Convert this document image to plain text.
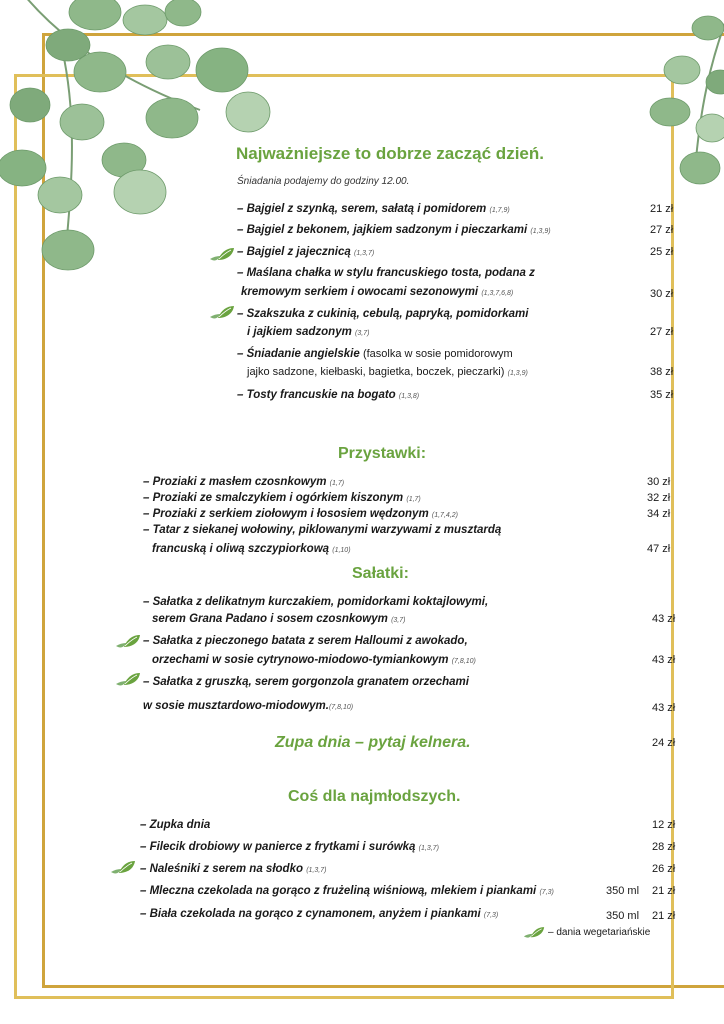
Najważniejsze to dobrze zacząć dzień.
Śniadania podajemy do godziny 12.00.
– Bajgiel z szynką, serem, sałatą i pomidorem (1,7,9)	21 zł
– Bajgiel z bekonem, jajkiem sadzonym i pieczarkami (1,3,9)	27 zł
– Bajgiel z jajecznicą (1,3,7)	25 zł
– Maślana chałka w stylu francuskiego tosta, podana z
kremowym serkiem i owocami sezonowymi (1,3,7,6,8)	30 zł
– Szakszuka z cukinią, cebulą, papryką, pomidorkami
i jajkiem sadzonym (3,7)	27 zł
– Śniadanie angielskie (fasolka w sosie pomidorowym
jajko sadzone, kiełbaski, bagietka, boczek, pieczarki) (1,3,9)	38 zł
– Tosty francuskie na bogato (1,3,8)	35 zł
Przystawki:
– Proziaki z masłem czosnkowym (1,7)	30 zł
– Proziaki ze smalczykiem i ogórkiem kiszonym (1,7)	32 zł
– Proziaki z serkiem ziołowym i łososiem wędzonym (1,7,4,2)	34 zł
– Tatar z siekanej wołowiny, piklowanymi warzywami z musztardą
francuską i oliwą szczypiorkową (1,10)	47 zł
Sałatki:
– Sałatka z delikatnym kurczakiem, pomidorkami koktajlowymi,
serem Grana Padano i sosem czosnkowym (3,7)	43 zł
– Sałatka z pieczonego batata z serem Halloumi z awokado,
orzechami w sosie cytrynowo-miodowo-tymiankowym (7,8,10)	43 zł
– Sałatka z gruszką, serem gorgonzola granatem orzechami
w sosie musztardowo-miodowym.(7,8,10)	43 zł
Zupa dnia – pytaj kelnera.	24 zł
Coś dla najmłodszych.
– Zupka dnia	12 zł
– Filecik drobiowy w panierce z frytkami i surówką (1,3,7)	28 zł
– Naleśniki z serem na słodko (1,3,7)	26 zł
– Mleczna czekolada na gorąco z frużeliną wiśniową, mlekiem i piankami (7,3)	350 ml 21 zł
– Biała czekolada na gorąco z cynamonem, anyżem i piankami (7,3)	350 ml 21 zł
– dania wegetariańskie
